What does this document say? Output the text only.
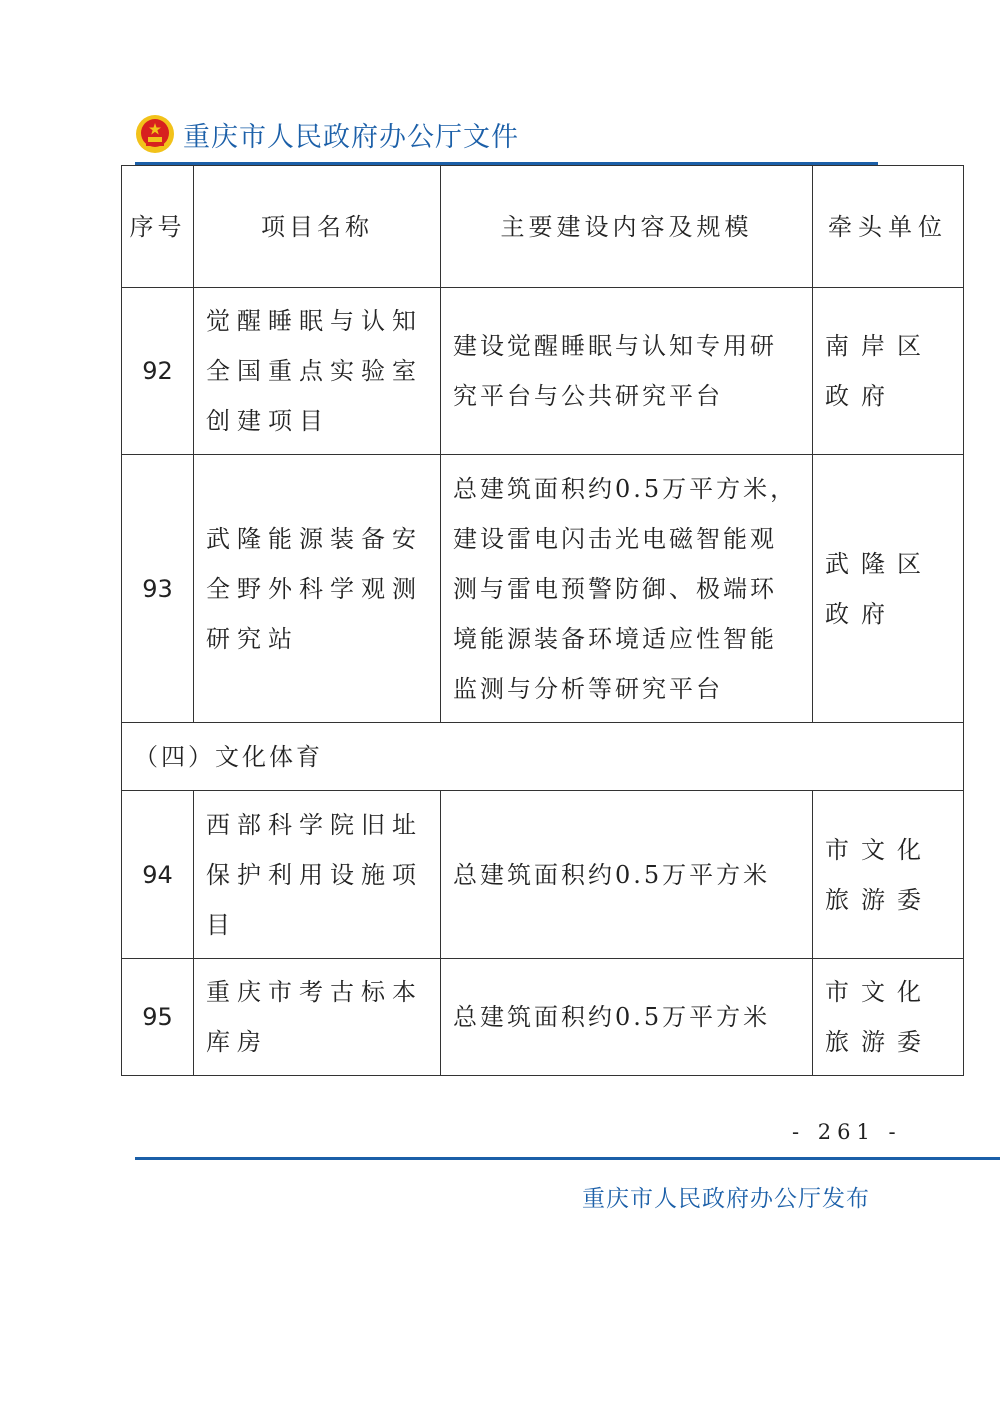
重庆市人民政府办公厅文件
序号	项目名称	主要建设内容及规模	牵头单位
92	觉醒睡眠与认知全国重点实验室创建项目	建设觉醒睡眠与认知专用研究平台与公共研究平台	南岸区政府
93	武隆能源装备安全野外科学观测研究站	总建筑面积约0.5万平方米，建设雷电闪击光电磁智能观测与雷电预警防御、极端环境能源装备环境适应性智能监测与分析等研究平台	武隆区政府
（四）文化体育			
94	西部科学院旧址保护利用设施项目	总建筑面积约0.5万平方米	市文化旅游委
95	重庆市考古标本库房	总建筑面积约0.5万平方米	市文化旅游委
- 261 -
重庆市人民政府办公厅发布
